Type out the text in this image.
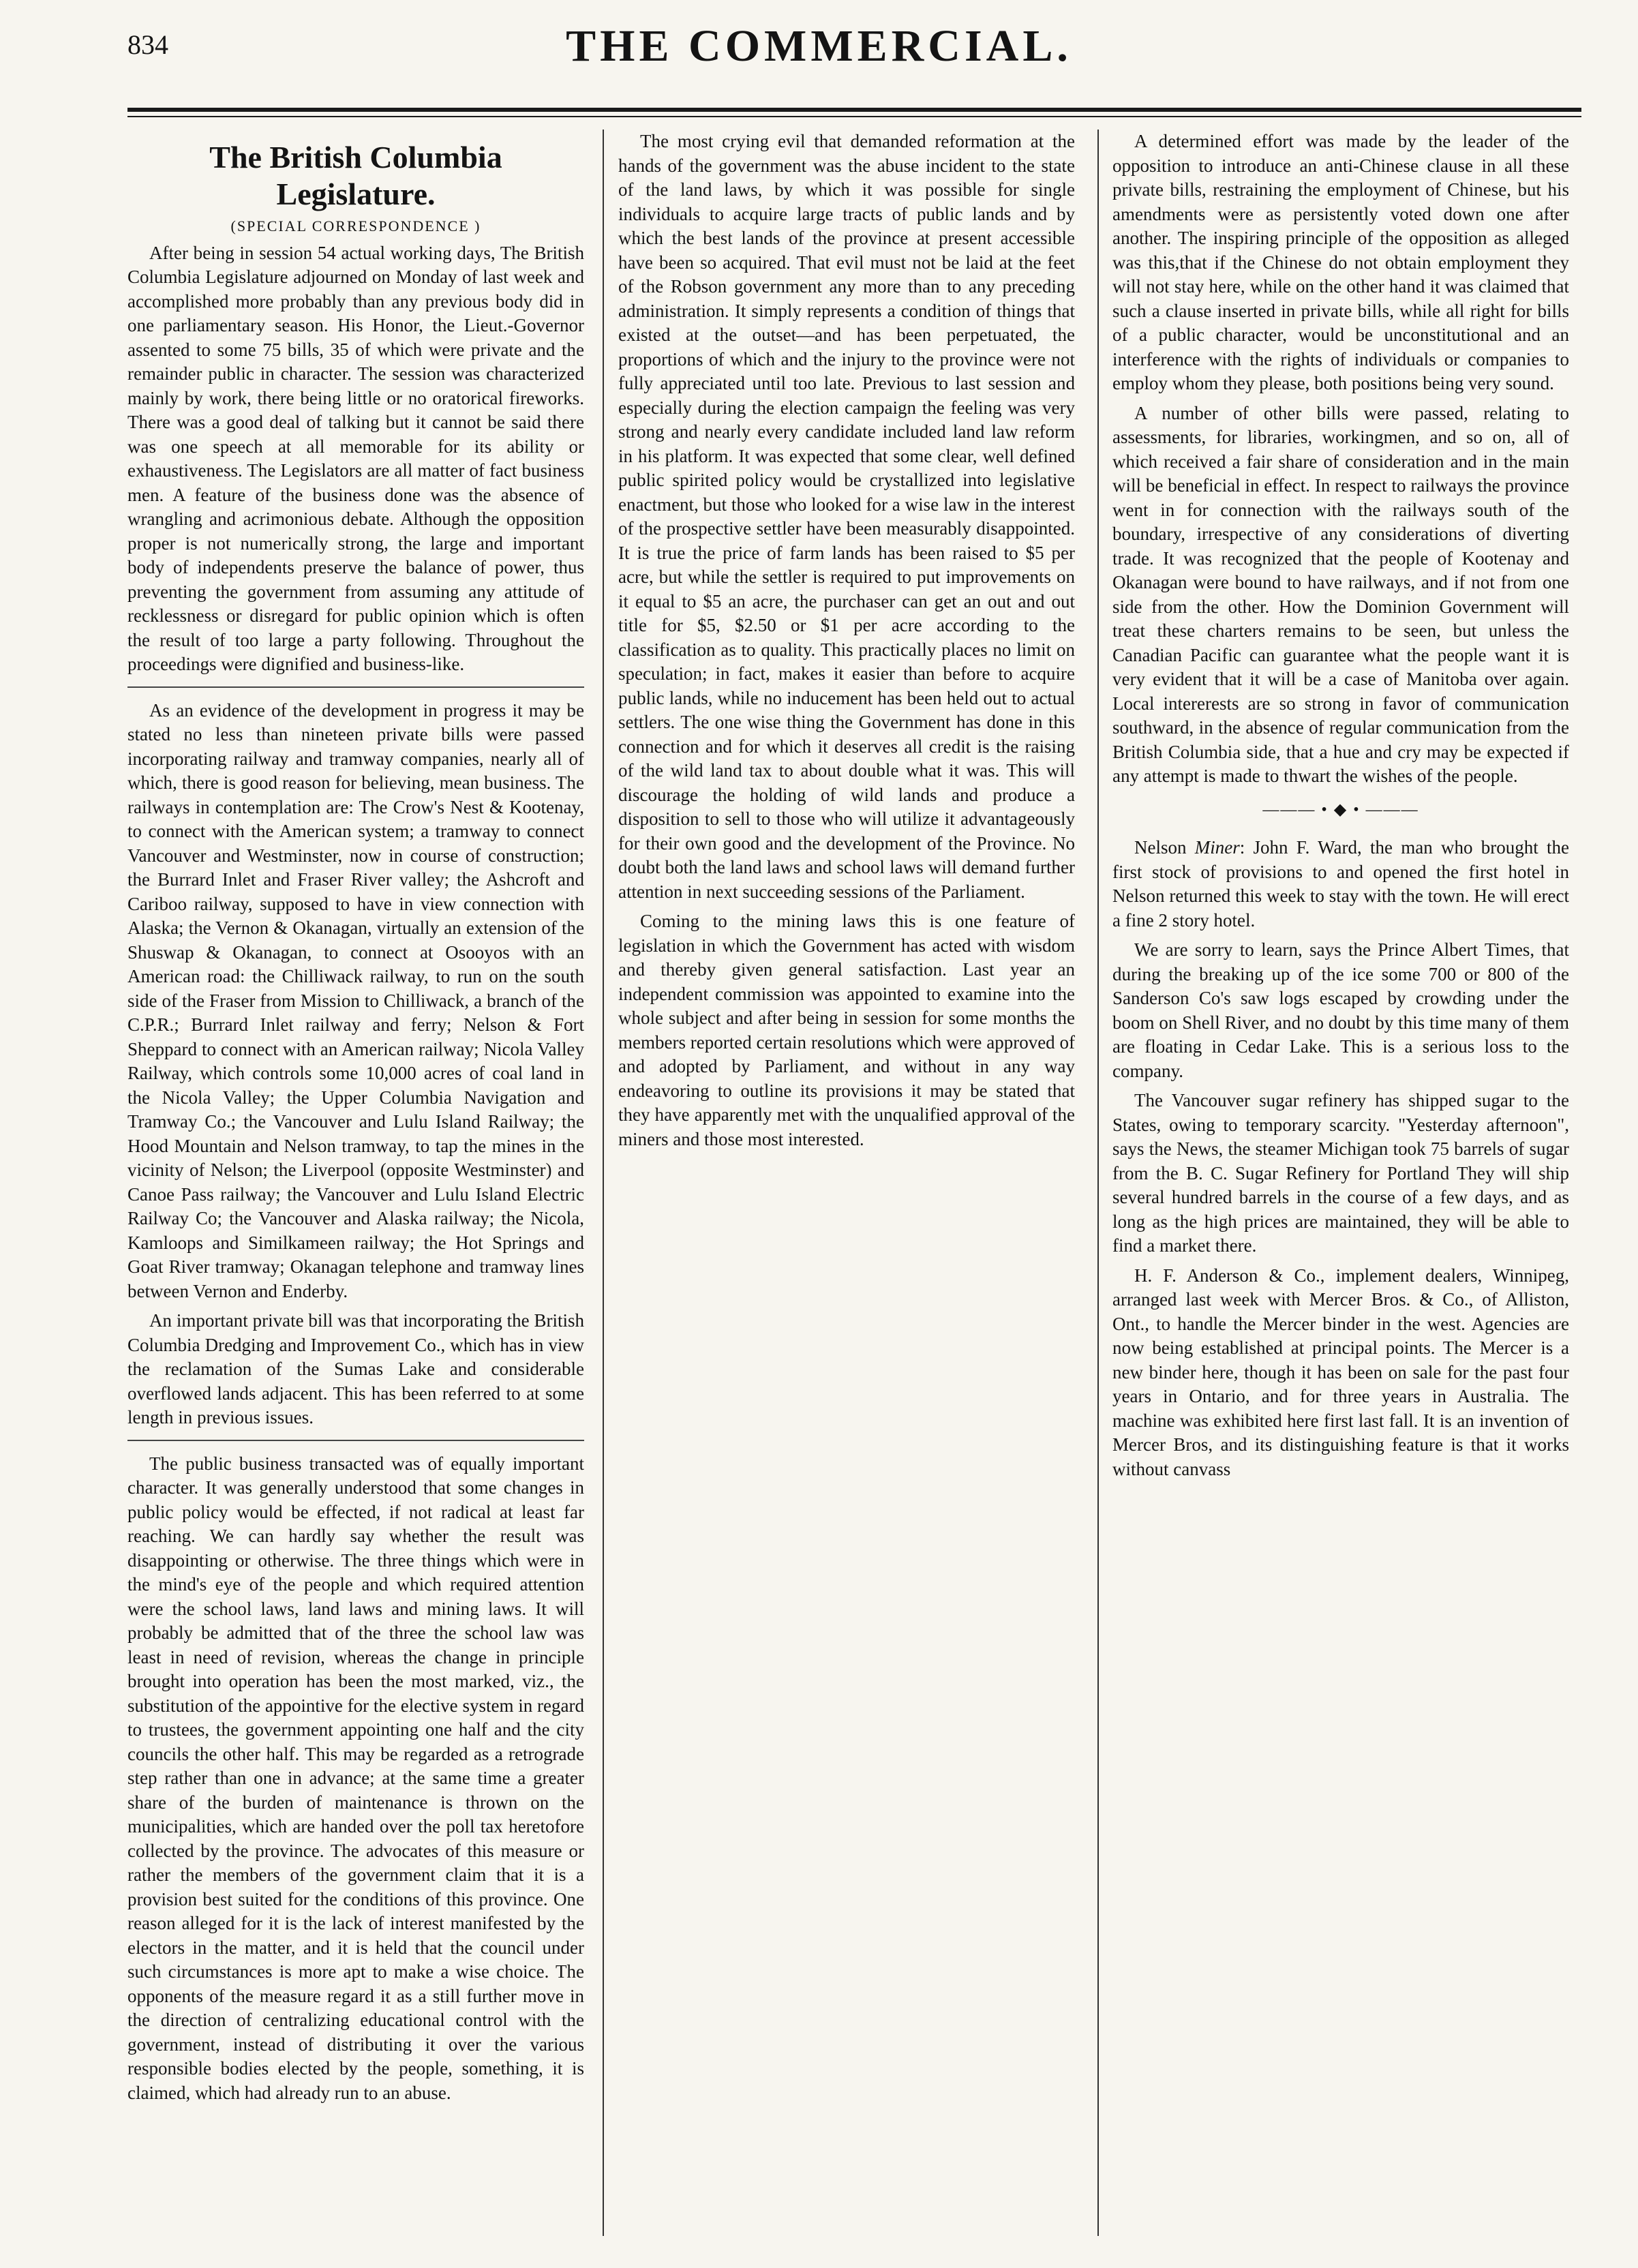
834	THE COMMERCIAL.
The British Columbia Legislature.
(SPECIAL CORRESPONDENCE )

After being in session 54 actual working days, The British Columbia Legislature adjourned on Monday of last week and accomplished more probably than any previous body did in one parliamentary season. His Honor, the Lieut.-Governor assented to some 75 bills, 35 of which were private and the remainder public in character. The session was characterized mainly by work, there being little or no oratorical fireworks. There was a good deal of talking but it cannot be said there was one speech at all memorable for its ability or exhaustiveness. The Legislators are all matter of fact business men. A feature of the business done was the absence of wrangling and acrimonious debate. Although the opposition proper is not numerically strong, the large and important body of independents preserve the balance of power, thus preventing the government from assuming any attitude of recklessness or disregard for public opinion which is often the result of too large a party following. Throughout the proceedings were dignified and business-like.

As an evidence of the development in progress it may be stated no less than nineteen private bills were passed incorporating railway and tramway companies, nearly all of which, there is good reason for believing, mean business. The railways in contemplation are: The Crow's Nest & Kootenay, to connect with the American system; a tramway to connect Vancouver and Westminster, now in course of construction; the Burrard Inlet and Fraser River valley; the Ashcroft and Cariboo railway, supposed to have in view connection with Alaska; the Vernon & Okanagan, virtually an extension of the Shuswap & Okanagan, to connect at Osooyos with an American road: the Chilliwack railway, to run on the south side of the Fraser from Mission to Chilliwack, a branch of the C.P.R.; Burrard Inlet railway and ferry; Nelson & Fort Sheppard to connect with an American railway; Nicola Valley Railway, which controls some 10,000 acres of coal land in the Nicola Valley; the Upper Columbia Navigation and Tramway Co.; the Vancouver and Lulu Island Railway; the Hood Mountain and Nelson tramway, to tap the mines in the vicinity of Nelson; the Liverpool (opposite Westminster) and Canoe Pass railway; the Vancouver and Lulu Island Electric Railway Co; the Vancouver and Alaska railway; the Nicola, Kamloops and Similkameen railway; the Hot Springs and Goat River tramway; Okanagan telephone and tramway lines between Vernon and Enderby.

An important private bill was that incorporating the British Columbia Dredging and Improvement Co., which has in view the reclamation of the Sumas Lake and considerable overflowed lands adjacent. This has been referred to at some length in previous issues.

The public business transacted was of equally important character. It was generally understood that some changes in public policy would be effected, if not radical at least far reaching. We can hardly say whether the result was disappointing or otherwise. The three things which were in the mind's eye of the people and which required attention were the school laws, land laws and mining laws. It will probably be admitted that of the three the school law was least in need of revision, whereas the change in principle brought into operation has been the most marked, viz., the substitution of the appointive for the elective system in regard to trustees, the government appointing one half and the city councils the other half. This may be regarded as a retrograde step rather than one in advance; at the same time a greater share of the burden of maintenance is thrown on the municipalities, which are handed over the poll tax heretofore collected by the province. The advocates of this measure or rather the members of the government claim that it is a provision best suited for the conditions of this province. One reason alleged for it is the lack of interest manifested by the electors in the matter, and it is held that the council under such circumstances is more apt to make a wise choice. The opponents of the measure regard it as a still further move in the direction of centralizing educational control with the government, instead of distributing it over the various responsible bodies elected by the people, something, it is claimed, which had already run to an abuse.

The most crying evil that demanded reformation at the hands of the government was the abuse incident to the state of the land laws, by which it was possible for single individuals to acquire large tracts of public lands and by which the best lands of the province at present accessible have been so acquired. That evil must not be laid at the feet of the Robson government any more than to any preceding administration. It simply represents a condition of things that existed at the outset—and has been perpetuated, the proportions of which and the injury to the province were not fully appreciated until too late. Previous to last session and especially during the election campaign the feeling was very strong and nearly every candidate included land law reform in his platform. It was expected that some clear, well defined public spirited policy would be crystallized into legislative enactment, but those who looked for a wise law in the interest of the prospective settler have been measurably disappointed. It is true the price of farm lands has been raised to $5 per acre, but while the settler is required to put improvements on it equal to $5 an acre, the purchaser can get an out and out title for $5, $2.50 or $1 per acre according to the classification as to quality. This practically places no limit on speculation; in fact, makes it easier than before to acquire public lands, while no inducement has been held out to actual settlers. The one wise thing the Government has done in this connection and for which it deserves all credit is the raising of the wild land tax to about double what it was. This will discourage the holding of wild lands and produce a disposition to sell to those who will utilize it advantageously for their own good and the development of the Province. No doubt both the land laws and school laws will demand further attention in next succeeding sessions of the Parliament.

Coming to the mining laws this is one feature of legislation in which the Government has acted with wisdom and thereby given general satisfaction. Last year an independent commission was appointed to examine into the whole subject and after being in session for some months the members reported certain resolutions which were approved of and adopted by Parliament, and without in any way endeavoring to outline its provisions it may be stated that they have apparently met with the unqualified approval of the miners and those most interested.

A determined effort was made by the leader of the opposition to introduce an anti-Chinese clause in all these private bills, restraining the employment of Chinese, but his amendments were as persistently voted down one after another. The inspiring principle of the opposition as alleged was this,that if the Chinese do not obtain employment they will not stay here, while on the other hand it was claimed that such a clause inserted in private bills, while all right for bills of a public character, would be unconstitutional and an interference with the rights of individuals or companies to employ whom they please, both positions being very sound.

A number of other bills were passed, relating to assessments, for libraries, workingmen, and so on, all of which received a fair share of consideration and in the main will be beneficial in effect. In respect to railways the province went in for connection with the railways south of the boundary, irrespective of any considerations of diverting trade. It was recognized that the people of Kootenay and Okanagan were bound to have railways, and if not from one side from the other. How the Dominion Government will treat these charters remains to be seen, but unless the Canadian Pacific can guarantee what the people want it is very evident that it will be a case of Manitoba over again. Local intererests are so strong in favor of communication southward, in the absence of regular communication from the British Columbia side, that a hue and cry may be expected if any attempt is made to thwart the wishes of the people.

——— • ◆ • ———

Nelson Miner: John F. Ward, the man who brought the first stock of provisions to and opened the first hotel in Nelson returned this week to stay with the town. He will erect a fine 2 story hotel.

We are sorry to learn, says the Prince Albert Times, that during the breaking up of the ice some 700 or 800 of the Sanderson Co's saw logs escaped by crowding under the boom on Shell River, and no doubt by this time many of them are floating in Cedar Lake. This is a serious loss to the company.

The Vancouver sugar refinery has shipped sugar to the States, owing to temporary scarcity. "Yesterday afternoon", says the News, the steamer Michigan took 75 barrels of sugar from the B. C. Sugar Refinery for Portland They will ship several hundred barrels in the course of a few days, and as long as the high prices are maintained, they will be able to find a market there.

H. F. Anderson & Co., implement dealers, Winnipeg, arranged last week with Mercer Bros. & Co., of Alliston, Ont., to handle the Mercer binder in the west. Agencies are now being established at principal points. The Mercer is a new binder here, though it has been on sale for the past four years in Ontario, and for three years in Australia. The machine was exhibited here first last fall. It is an invention of Mercer Bros, and its distinguishing feature is that it works without canvass
